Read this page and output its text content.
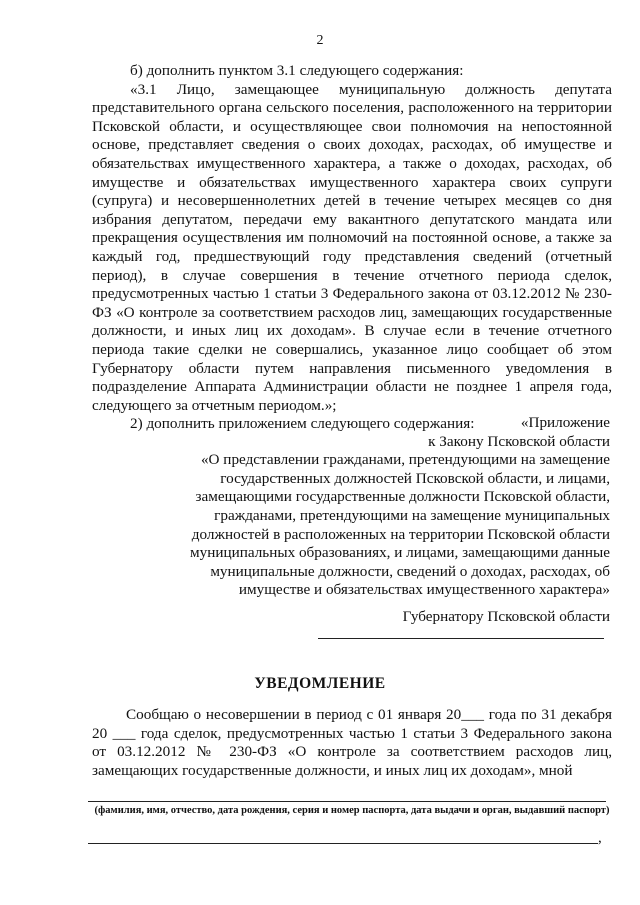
2

б) дополнить пунктом 3.1 следующего содержания:

«3.1 Лицо, замещающее муниципальную должность депутата представительного органа сельского поселения, расположенного на территории Псковской области, и осуществляющее свои полномочия на непостоянной основе, представляет сведения о своих доходах, расходах, об имуществе и обязательствах имущественного характера, а также о доходах, расходах, об имуществе и обязательствах имущественного характера своих супруги (супруга) и несовершеннолетних детей в течение четырех месяцев со дня избрания депутатом, передачи ему вакантного депутатского мандата или прекращения осуществления им полномочий на постоянной основе, а также за каждый год, предшествующий году представления сведений (отчетный период), в случае совершения в течение отчетного периода сделок, предусмотренных частью 1 статьи 3 Федерального закона от 03.12.2012 № 230-ФЗ «О контроле за соответствием расходов лиц, замещающих государственные должности, и иных лиц их доходам». В случае если в течение отчетного периода такие сделки не совершались, указанное лицо сообщает об этом Губернатору области путем направления письменного уведомления в подразделение Аппарата Администрации области не позднее 1 апреля года, следующего за отчетным периодом.»;

2) дополнить приложением следующего содержания:	«Приложение

к Закону Псковской области

«О представлении гражданами, претендующими на замещение государственных должностей Псковской области, и лицами, замещающими государственные должности Псковской области, гражданами, претендующими на замещение муниципальных должностей в расположенных на территории Псковской области муниципальных образованиях, и лицами, замещающими данные муниципальные должности, сведений о доходах, расходах, об имуществе и обязательствах имущественного характера»

Губернатору Псковской области
УВЕДОМЛЕНИЕ

Сообщаю о несовершении в период с 01 января 20___ года по 31 декабря 20 ___ года сделок, предусмотренных частью 1 статьи 3 Федерального закона от 03.12.2012 № 230-ФЗ «О контроле за соответствием расходов лиц, замещающих государственные должности, и иных лиц их доходам», мной

(фамилия, имя, отчество, дата рождения, серия и номер паспорта, дата выдачи и орган, выдавший паспорт)
,
